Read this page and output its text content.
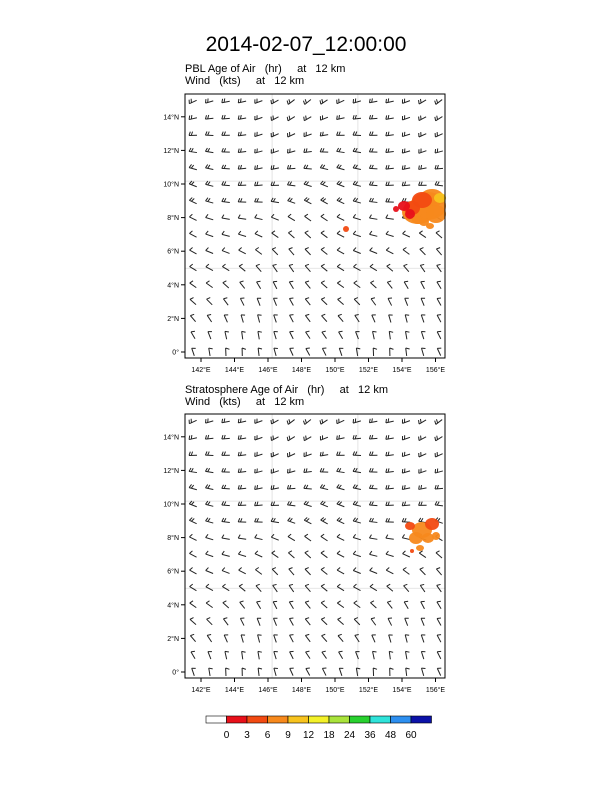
2014-02-07_12:00:00
PBL Age of Air   (hr)     at   12 km
Wind   (kts)     at   12 km
Stratosphere Age of Air   (hr)     at   12 km
Wind   (kts)     at   12 km
142°E 144°E 146°E 148°E 150°E 152°E 154°E 156°E
0°
2°N
4°N
6°N
8°N
10°N
12°N
14°N
142°E 144°E 146°E 148°E 150°E 152°E 154°E 156°E
0°
2°N
4°N
6°N
8°N
10°N
12°N
14°N
0 3 6 9 12 18 24 36 48 60
